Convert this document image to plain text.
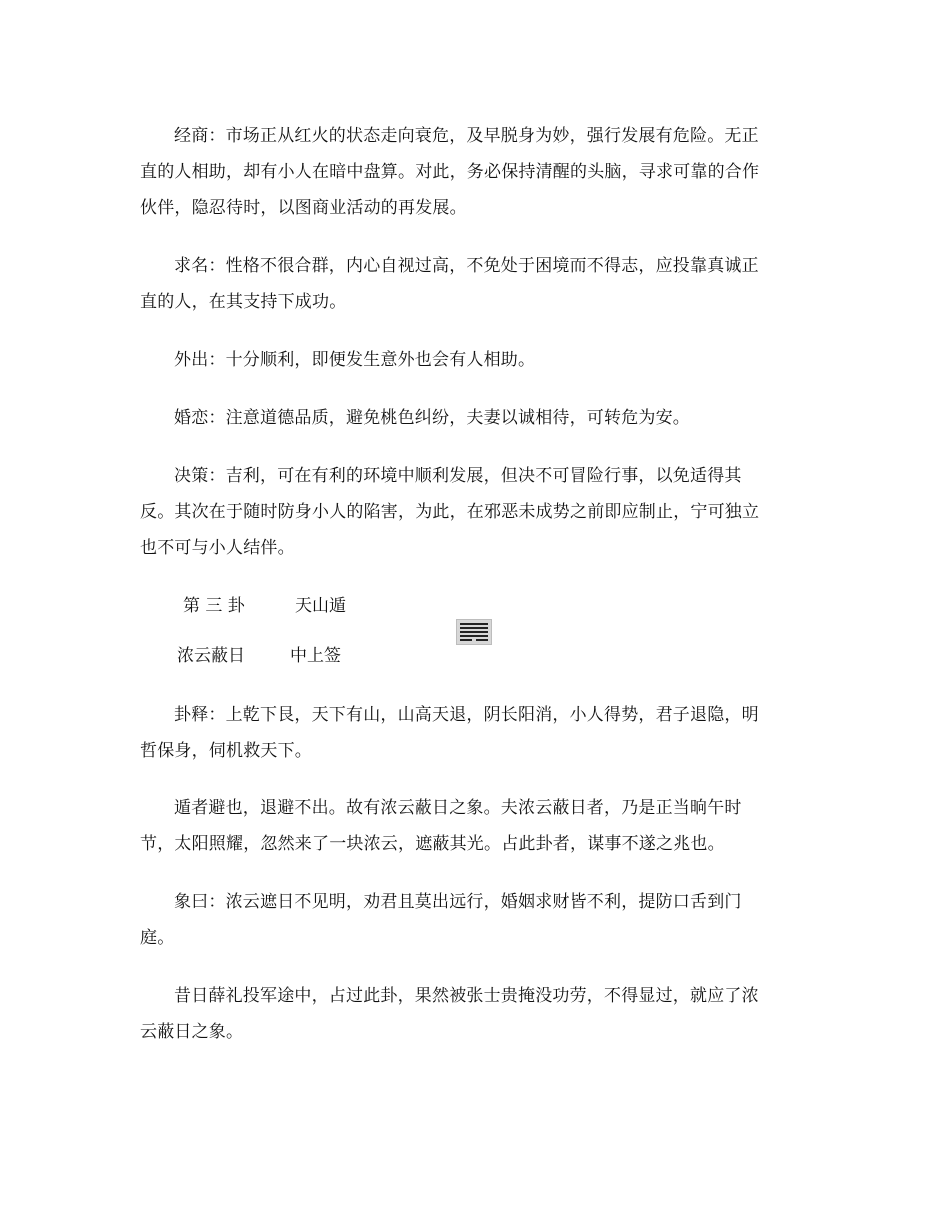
经商：市场正从红火的状态走向衰危，及早脱身为妙，强行发展有危险。无正直的人相助，却有小人在暗中盘算。对此，务必保持清醒的头脑，寻求可靠的合作伙伴，隐忍待时，以图商业活动的再发展。

求名：性格不很合群，内心自视过高，不免处于困境而不得志，应投靠真诚正直的人，在其支持下成功。

外出：十分顺利，即便发生意外也会有人相助。

婚恋：注意道德品质，避免桃色纠纷，夫妻以诚相待，可转危为安。

决策：吉利，可在有利的环境中顺利发展，但决不可冒险行事，以免适得其反。其次在于随时防身小人的陷害，为此，在邪恶未成势之前即应制止，宁可独立也不可与小人结伴。

第 三 卦	天山遁
浓云蔽日	中上签

卦释：上乾下艮，天下有山，山高天退，阴长阳消，小人得势，君子退隐，明哲保身，伺机救天下。

遁者避也，退避不出。故有浓云蔽日之象。夫浓云蔽日者，乃是正当晌午时节，太阳照耀，忽然来了一块浓云，遮蔽其光。占此卦者，谋事不遂之兆也。

象曰：浓云遮日不见明，劝君且莫出远行，婚姻求财皆不利，提防口舌到门庭。

昔日薛礼投军途中，占过此卦，果然被张士贵掩没功劳，不得显过，就应了浓云蔽日之象。
